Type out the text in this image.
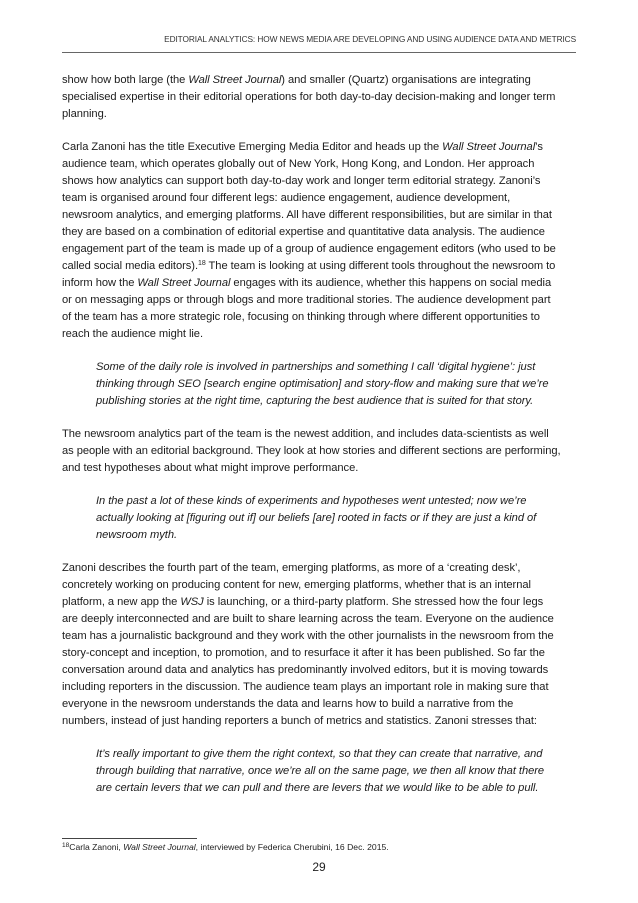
EDITORIAL ANALYTICS: HOW NEWS MEDIA ARE DEVELOPING AND USING AUDIENCE DATA AND METRICS

show how both large (the Wall Street Journal) and smaller (Quartz) organisations are integrating specialised expertise in their editorial operations for both day-to-day decision-making and longer term planning.

Carla Zanoni has the title Executive Emerging Media Editor and heads up the Wall Street Journal’s audience team, which operates globally out of New York, Hong Kong, and London. Her approach shows how analytics can support both day-to-day work and longer term editorial strategy. Zanoni’s team is organised around four different legs: audience engagement, audience development, newsroom analytics, and emerging platforms. All have different responsibilities, but are similar in that they are based on a combination of editorial expertise and quantitative data analysis. The audience engagement part of the team is made up of a group of audience engagement editors (who used to be called social media editors).$^{18}$ The team is looking at using different tools throughout the newsroom to inform how the Wall Street Journal engages with its audience, whether this happens on social media or on messaging apps or through blogs and more traditional stories. The audience development part of the team has a more strategic role, focusing on thinking through where different opportunities to reach the audience might lie.

Some of the daily role is involved in partnerships and something I call ‘digital hygiene’: just thinking through SEO [search engine optimisation] and story-flow and making sure that we’re publishing stories at the right time, capturing the best audience that is suited for that story.

The newsroom analytics part of the team is the newest addition, and includes data-scientists as well as people with an editorial background. They look at how stories and different sections are performing, and test hypotheses about what might improve performance.

In the past a lot of these kinds of experiments and hypotheses went untested; now we’re actually looking at [figuring out if] our beliefs [are] rooted in facts or if they are just a kind of newsroom myth.

Zanoni describes the fourth part of the team, emerging platforms, as more of a ‘creating desk’, concretely working on producing content for new, emerging platforms, whether that is an internal platform, a new app the WSJ is launching, or a third-party platform. She stressed how the four legs are deeply interconnected and are built to share learning across the team. Everyone on the audience team has a journalistic background and they work with the other journalists in the newsroom from the story-concept and inception, to promotion, and to resurface it after it has been published. So far the conversation around data and analytics has predominantly involved editors, but it is moving towards including reporters in the discussion. The audience team plays an important role in making sure that everyone in the newsroom understands the data and learns how to build a narrative from the numbers, instead of just handing reporters a bunch of metrics and statistics. Zanoni stresses that:

It’s really important to give them the right context, so that they can create that narrative, and through building that narrative, once we’re all on the same page, we then all know that there are certain levers that we can pull and there are levers that we would like to be able to pull.

$^{18}$Carla Zanoni, Wall Street Journal, interviewed by Federica Cherubini, 16 Dec. 2015.
29
